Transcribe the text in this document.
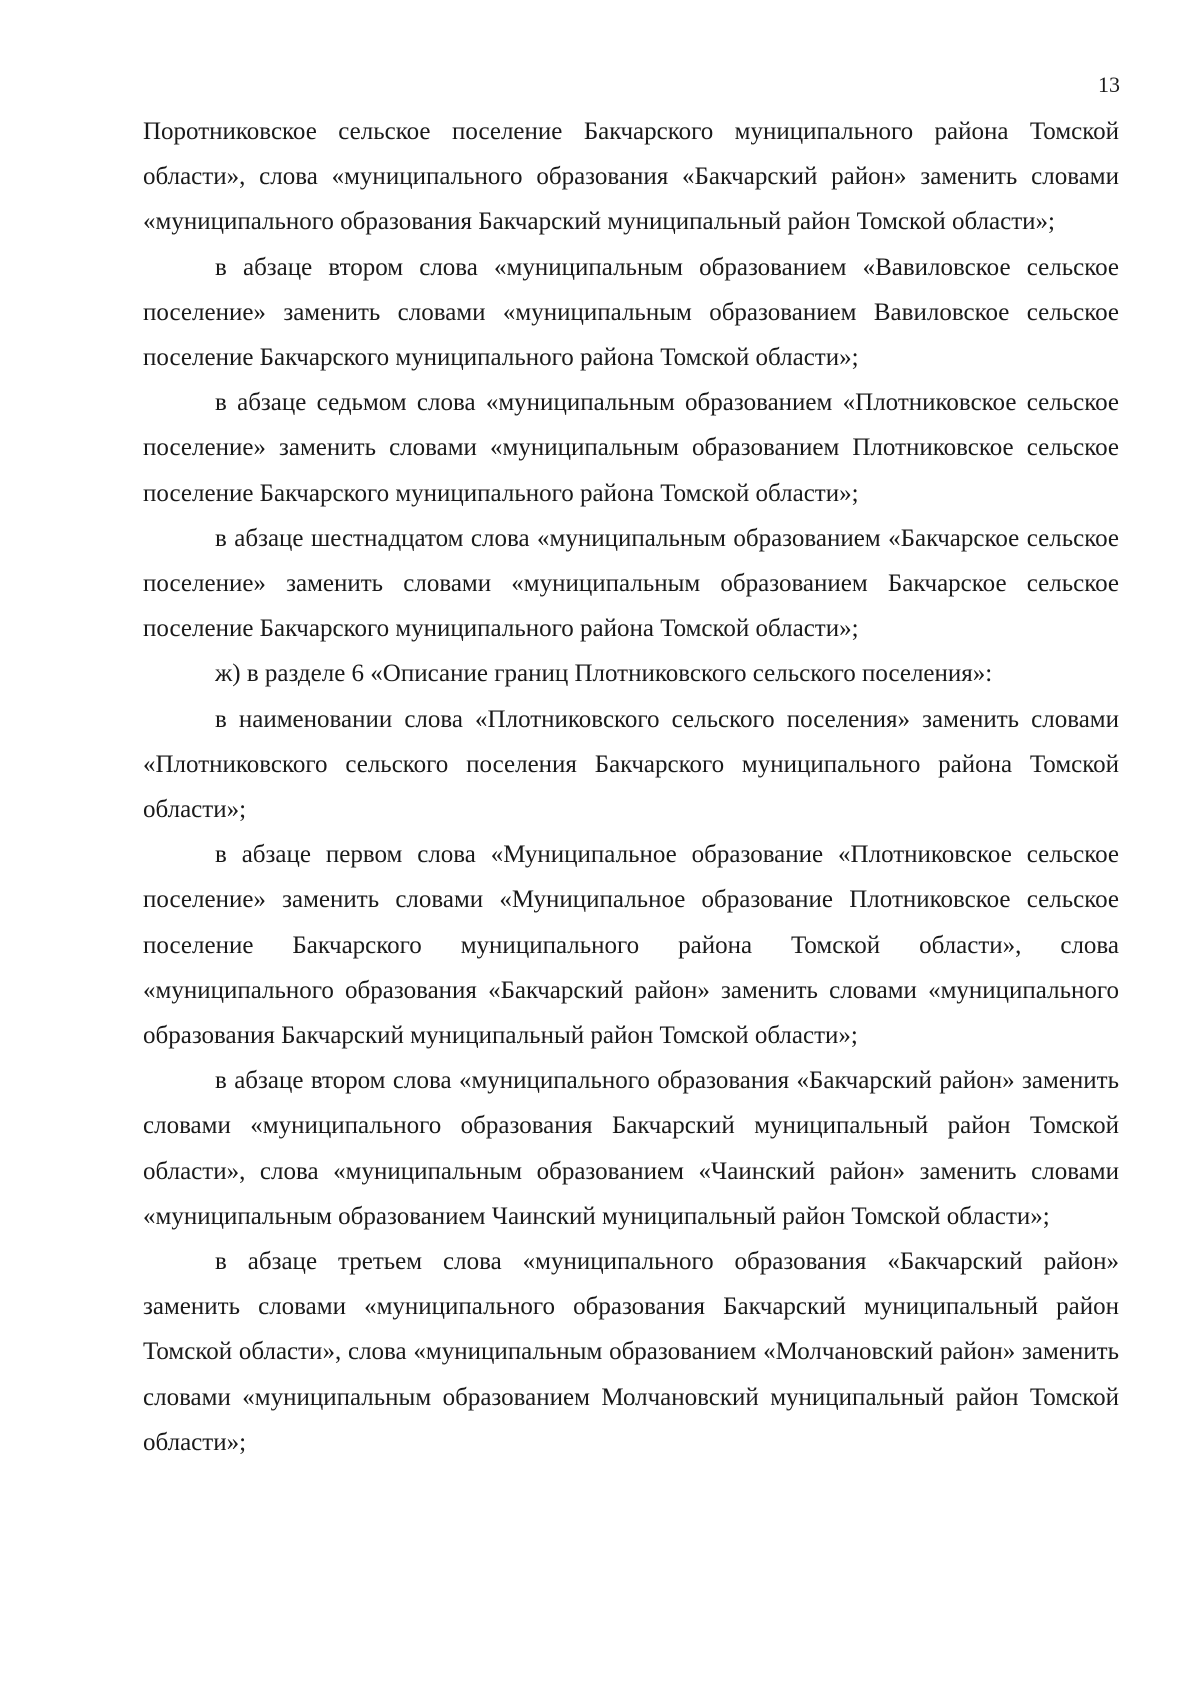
13

Поротниковское сельское поселение Бакчарского муниципального района Томской области», слова «муниципального образования «Бакчарский район» заменить словами «муниципального образования Бакчарский муниципальный район Томской области»;

в абзаце втором слова «муниципальным образованием «Вавиловское сельское поселение» заменить словами «муниципальным образованием Вавиловское сельское поселение Бакчарского муниципального района Томской области»;

в абзаце седьмом слова «муниципальным образованием «Плотниковское сельское поселение» заменить словами «муниципальным образованием Плотниковское сельское поселение Бакчарского муниципального района Томской области»;

в абзаце шестнадцатом слова «муниципальным образованием «Бакчарское сельское поселение» заменить словами «муниципальным образованием Бакчарское сельское поселение Бакчарского муниципального района Томской области»;

ж) в разделе 6 «Описание границ Плотниковского сельского поселения»:

в наименовании слова «Плотниковского сельского поселения» заменить словами «Плотниковского сельского поселения Бакчарского муниципального района Томской области»;

в абзаце первом слова «Муниципальное образование «Плотниковское сельское поселение» заменить словами «Муниципальное образование Плотниковское сельское поселение Бакчарского муниципального района Томской области», слова «муниципального образования «Бакчарский район» заменить словами «муниципального образования Бакчарский муниципальный район Томской области»;

в абзаце втором слова «муниципального образования «Бакчарский район» заменить словами «муниципального образования Бакчарский муниципальный район Томской области», слова «муниципальным образованием «Чаинский район» заменить словами «муниципальным образованием Чаинский муниципальный район Томской области»;

в абзаце третьем слова «муниципального образования «Бакчарский район» заменить словами «муниципального образования Бакчарский муниципальный район Томской области», слова «муниципальным образованием «Молчановский район» заменить словами «муниципальным образованием Молчановский муниципальный район Томской области»;
